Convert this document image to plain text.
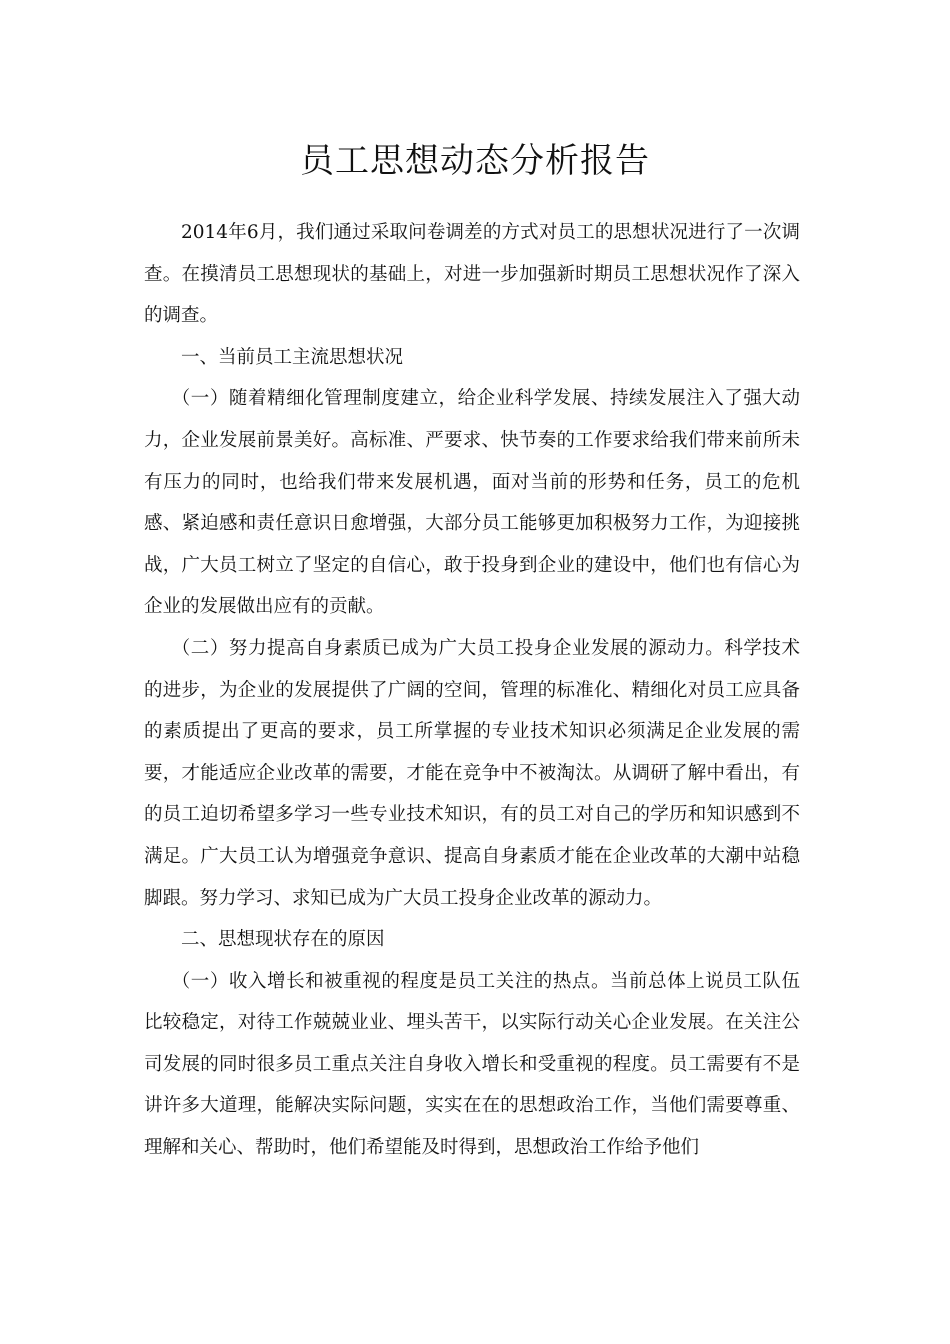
员工思想动态分析报告

2014年6月，我们通过采取问卷调差的方式对员工的思想状况进行了一次调查。在摸清员工思想现状的基础上，对进一步加强新时期员工思想状况作了深入的调查。

一、当前员工主流思想状况

（一）随着精细化管理制度建立，给企业科学发展、持续发展注入了强大动力，企业发展前景美好。高标准、严要求、快节奏的工作要求给我们带来前所未有压力的同时，也给我们带来发展机遇，面对当前的形势和任务，员工的危机感、紧迫感和责任意识日愈增强，大部分员工能够更加积极努力工作，为迎接挑战，广大员工树立了坚定的自信心，敢于投身到企业的建设中，他们也有信心为企业的发展做出应有的贡献。

（二）努力提高自身素质已成为广大员工投身企业发展的源动力。科学技术的进步，为企业的发展提供了广阔的空间，管理的标准化、精细化对员工应具备的素质提出了更高的要求，员工所掌握的专业技术知识必须满足企业发展的需要，才能适应企业改革的需要，才能在竞争中不被淘汰。从调研了解中看出，有的员工迫切希望多学习一些专业技术知识，有的员工对自己的学历和知识感到不满足。广大员工认为增强竞争意识、提高自身素质才能在企业改革的大潮中站稳脚跟。努力学习、求知已成为广大员工投身企业改革的源动力。

二、思想现状存在的原因

（一）收入增长和被重视的程度是员工关注的热点。当前总体上说员工队伍比较稳定，对待工作兢兢业业、埋头苦干，以实际行动关心企业发展。在关注公司发展的同时很多员工重点关注自身收入增长和受重视的程度。员工需要有不是讲许多大道理，能解决实际问题，实实在在的思想政治工作，当他们需要尊重、理解和关心、帮助时，他们希望能及时得到，思想政治工作给予他们
